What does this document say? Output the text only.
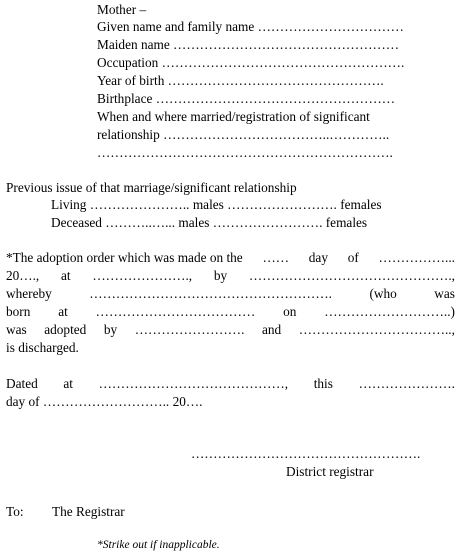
Mother –
Given name and family name ……………………………
Maiden name ……………………………………………
Occupation ……………………………………………….
Year of birth ………………………………………….
Birthplace ………………………………………………
When and where married/registration of significant
relationship ………………………………..…………..
………………………………………………………….
Previous issue of that marriage/significant relationship
Living ………………….. males ……………………. females
Deceased ………..…... males ……………………. females
*The adoption order which was made on the …… day of ……………...
20…., at …………………., by ……………………………………….,
whereby	……………………………………………….	(who	was
born at ……………………………… on ………………………..)
was adopted by ……………………. and ……………………………..,
is discharged.
Dated at ……………………………………, this ………………….
day of ……………………….. 20….
…………………………………………….
District registrar
To: The Registrar
*Strike out if inapplicable.
